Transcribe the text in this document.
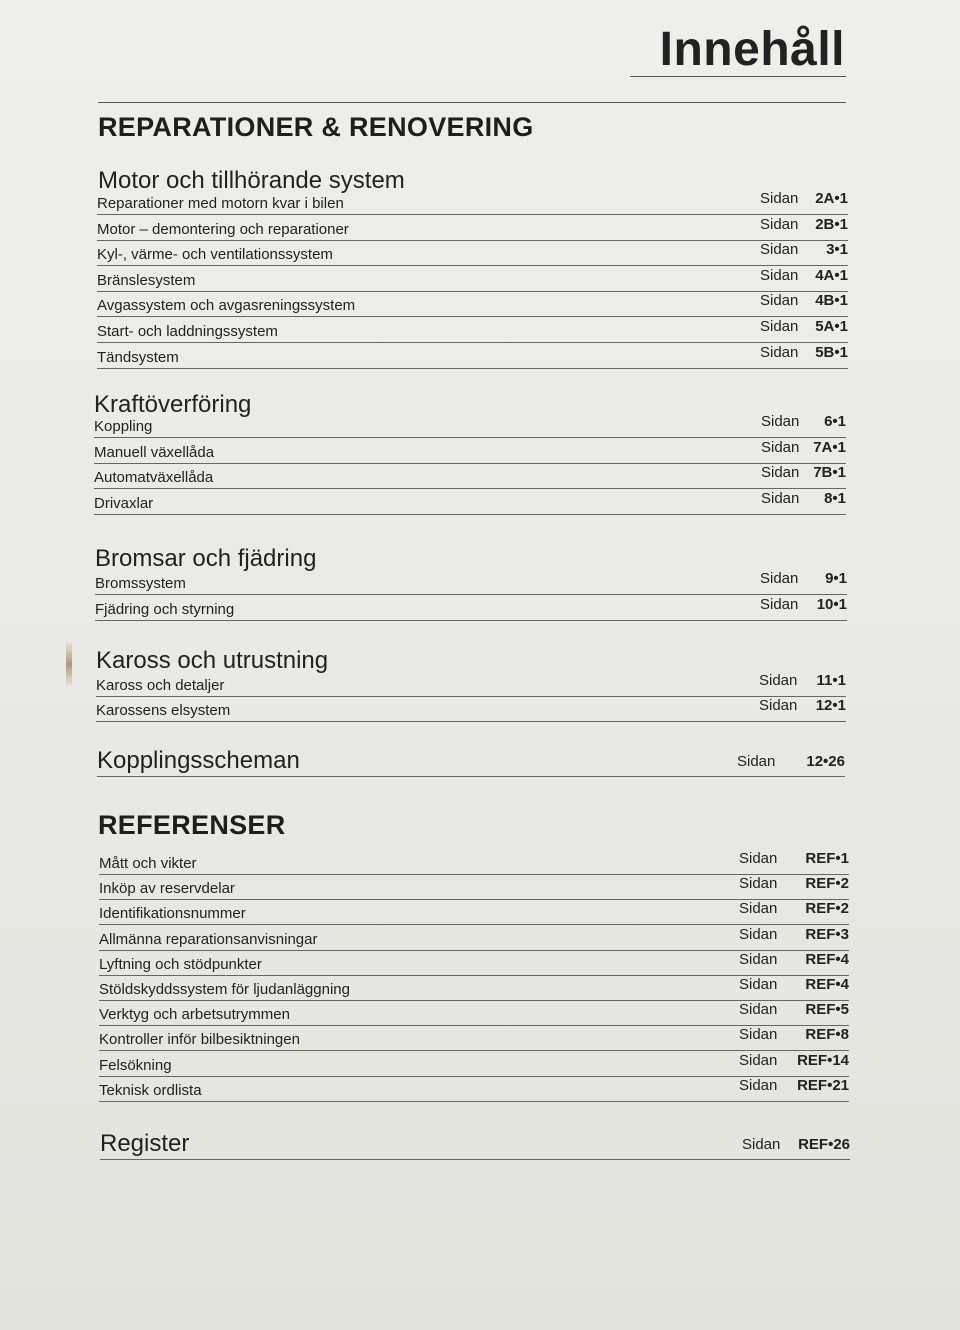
Innehåll
REPARATIONER & RENOVERING
Motor och tillhörande system
Reparationer med motorn kvar i bilen	Sidan 2A•1
Motor – demontering och reparationer	Sidan 2B•1
Kyl-, värme- och ventilationssystem	Sidan 3•1
Bränslesystem	Sidan 4A•1
Avgassystem och avgasreningssystem	Sidan 4B•1
Start- och laddningssystem	Sidan 5A•1
Tändsystem	Sidan 5B•1
Kraftöverföring
Koppling	Sidan 6•1
Manuell växellåda	Sidan 7A•1
Automatväxellåda	Sidan 7B•1
Drivaxlar	Sidan 8•1
Bromsar och fjädring
Bromssystem	Sidan 9•1
Fjädring och styrning	Sidan 10•1
Kaross och utrustning
Kaross och detaljer	Sidan 11•1
Karossens elsystem	Sidan 12•1
Kopplingsscheman	Sidan 12•26
REFERENSER
Mått och vikter	Sidan REF•1
Inköp av reservdelar	Sidan REF•2
Identifikationsnummer	Sidan REF•2
Allmänna reparationsanvisningar	Sidan REF•3
Lyftning och stödpunkter	Sidan REF•4
Stöldskyddssystem för ljudanläggning	Sidan REF•4
Verktyg och arbetsutrymmen	Sidan REF•5
Kontroller inför bilbesiktningen	Sidan REF•8
Felsökning	Sidan REF•14
Teknisk ordlista	Sidan REF•21
Register	Sidan REF•26
